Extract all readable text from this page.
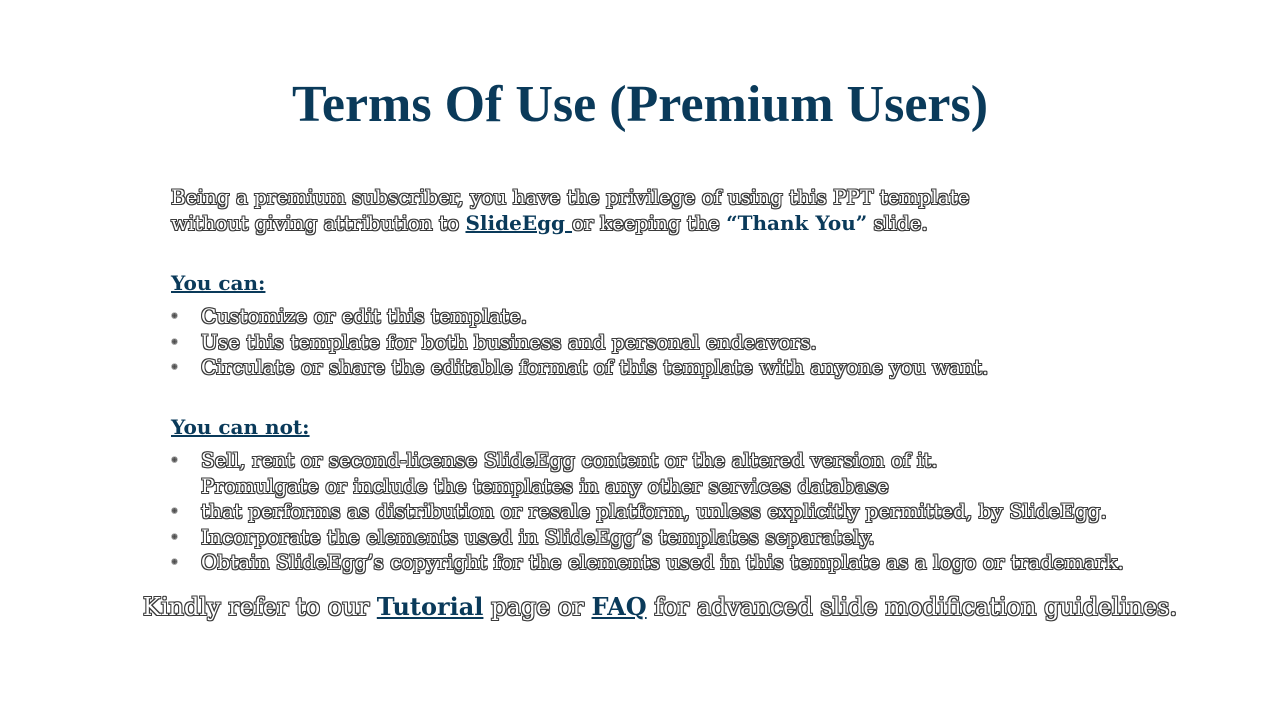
Terms Of Use (Premium Users)

Being a premium subscriber, you have the privilege of using this PPT template
without giving attribution to SlideEgg or keeping the “Thank You” slide.

You can:
◦	Customize or edit this template.
◦	Use this template for both business and personal endeavors.
◦	Circulate or share the editable format of this template with anyone you want.
You can not:
◦	Sell, rent or second-license SlideEgg content or the altered version of it.
Promulgate or include the templates in any other services database
◦	that performs as distribution or resale platform, unless explicitly permitted, by SlideEgg.
◦	Incorporate the elements used in SlideEgg’s templates separately.
◦	Obtain SlideEgg’s copyright for the elements used in this template as a logo or trademark.

Kindly refer to our Tutorial page or FAQ for advanced slide modification guidelines.
